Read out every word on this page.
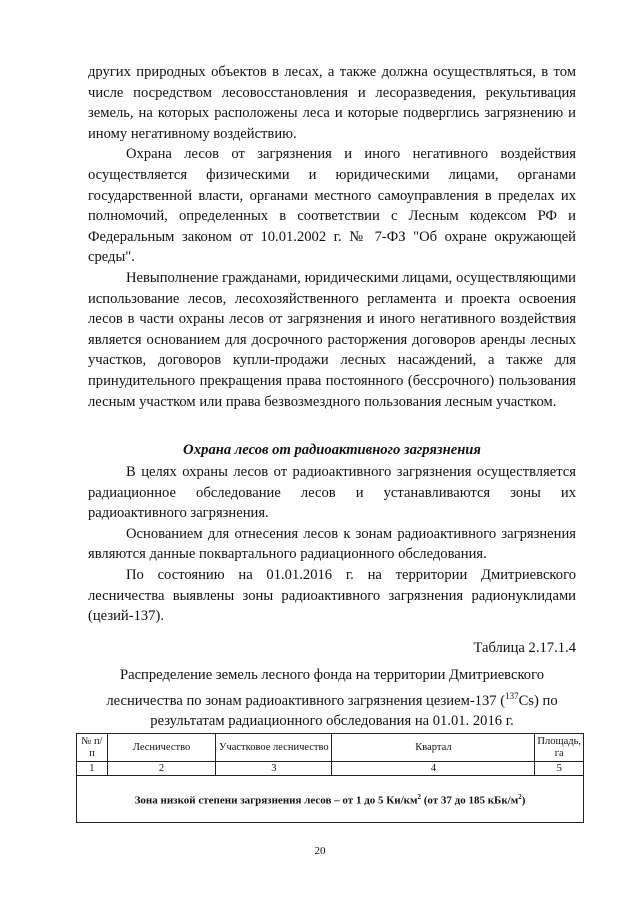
других природных объектов в лесах, а также должна осуществляться, в том числе посредством лесовосстановления и лесоразведения, рекультивация земель, на которых расположены леса и которые подверглись загрязнению и иному негативному воздействию.

Охрана лесов от загрязнения и иного негативного воздействия осуществляется физическими и юридическими лицами, органами государственной власти, органами местного самоуправления в пределах их полномочий, определенных в соответствии с Лесным кодексом РФ и Федеральным законом от 10.01.2002 г. № 7-ФЗ "Об охране окружающей среды".

Невыполнение гражданами, юридическими лицами, осуществляющими использование лесов, лесохозяйственного регламента и проекта освоения лесов в части охраны лесов от загрязнения и иного негативного воздействия является основанием для досрочного расторжения договоров аренды лесных участков, договоров купли-продажи лесных насаждений, а также для принудительного прекращения права постоянного (бессрочного) пользования лесным участком или права безвозмездного пользования лесным участком.

Охрана лесов от радиоактивного загрязнения

В целях охраны лесов от радиоактивного загрязнения осуществляется радиационное обследование лесов и устанавливаются зоны их радиоактивного загрязнения.

Основанием для отнесения лесов к зонам радиоактивного загрязнения являются данные поквартального радиационного обследования.

По состоянию на 01.01.2016 г. на территории Дмитриевского лесничества выявлены зоны радиоактивного загрязнения радионуклидами (цезий-137).

Таблица 2.17.1.4
Распределение земель лесного фонда на территории Дмитриевского лесничества по зонам радиоактивного загрязнения цезием-137 ($^{137}$Cs) по результатам радиационного обследования на 01.01. 2016 г.
№ п/п	Лесничество	Участковое лесничество	Квартал	Площадь, га
1	2	3	4	5
Зона низкой степени загрязнения лесов – от 1 до 5 $Ки/км^2$ (от 37 до 185 кБк/$м^2$)				
20
